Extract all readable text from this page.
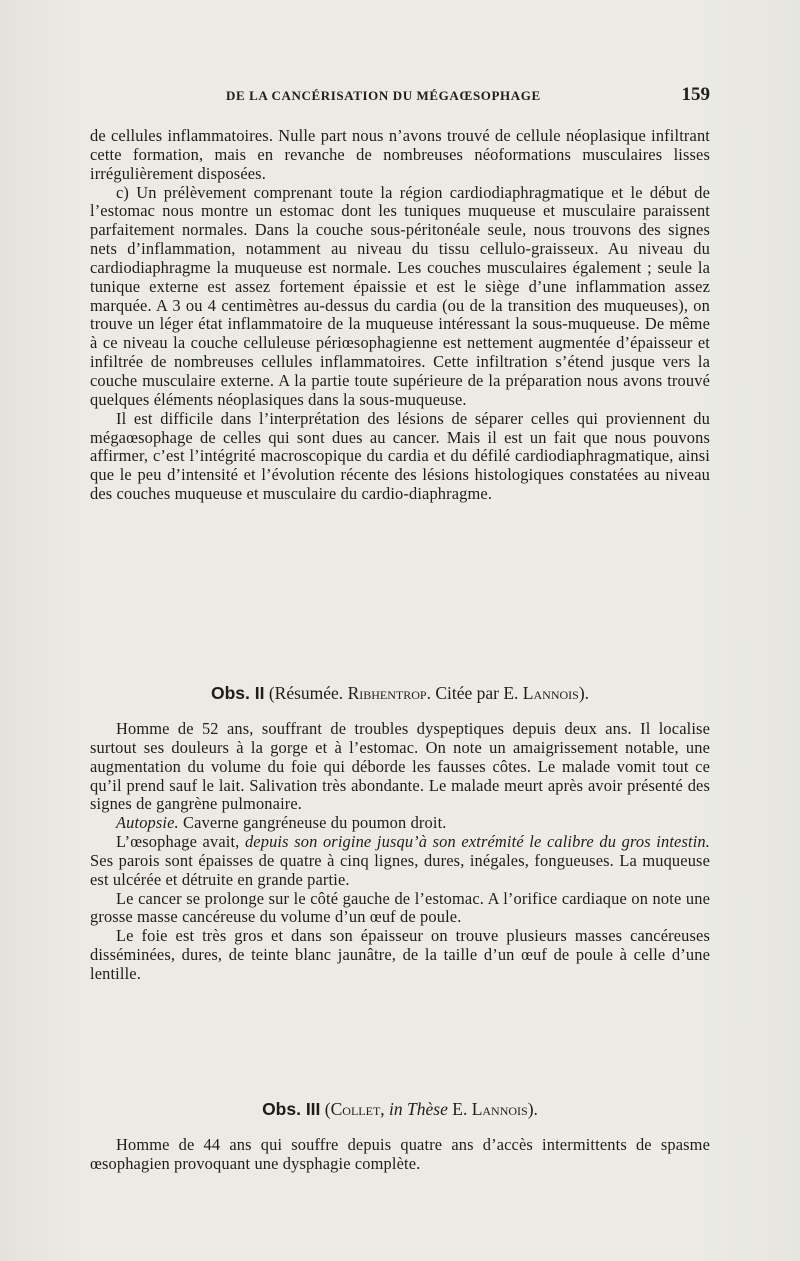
DE LA CANCÉRISATION DU MÉGAŒSOPHAGE	159

de cellules inflammatoires. Nulle part nous n’avons trouvé de cellule néoplasique infiltrant cette formation, mais en revanche de nombreuses néoformations musculaires lisses irrégulièrement disposées.

c) Un prélèvement comprenant toute la région cardiodiaphragmatique et le début de l’estomac nous montre un estomac dont les tuniques muqueuse et musculaire paraissent parfaitement normales. Dans la couche sous-péritonéale seule, nous trouvons des signes nets d’inflammation, notamment au niveau du tissu cellulo-graisseux. Au niveau du cardiodiaphragme la muqueuse est normale. Les couches musculaires également ; seule la tunique externe est assez fortement épaissie et est le siège d’une inflammation assez marquée. A 3 ou 4 centimètres au-dessus du cardia (ou de la transition des muqueuses), on trouve un léger état inflammatoire de la muqueuse intéressant la sous-muqueuse. De même à ce niveau la couche celluleuse périœsophagienne est nettement augmentée d’épaisseur et infiltrée de nombreuses cellules inflammatoires. Cette infiltration s’étend jusque vers la couche musculaire externe. A la partie toute supérieure de la préparation nous avons trouvé quelques éléments néoplasiques dans la sous-muqueuse.

Il est difficile dans l’interprétation des lésions de séparer celles qui proviennent du mégaœsophage de celles qui sont dues au cancer. Mais il est un fait que nous pouvons affirmer, c’est l’intégrité macroscopique du cardia et du défilé cardiodiaphragmatique, ainsi que le peu d’intensité et l’évolution récente des lésions histologiques constatées au niveau des couches muqueuse et musculaire du cardio-diaphragme.

Obs. II (Résumée. Ribhentrop. Citée par E. Lannois).

Homme de 52 ans, souffrant de troubles dyspeptiques depuis deux ans. Il localise surtout ses douleurs à la gorge et à l’estomac. On note un amaigrissement notable, une augmentation du volume du foie qui déborde les fausses côtes. Le malade vomit tout ce qu’il prend sauf le lait. Salivation très abondante. Le malade meurt après avoir présenté des signes de gangrène pulmonaire.

Autopsie. Caverne gangréneuse du poumon droit.

L’œsophage avait, depuis son origine jusqu’à son extrémité le calibre du gros intestin. Ses parois sont épaisses de quatre à cinq lignes, dures, inégales, fongueuses. La muqueuse est ulcérée et détruite en grande partie.

Le cancer se prolonge sur le côté gauche de l’estomac. A l’orifice cardiaque on note une grosse masse cancéreuse du volume d’un œuf de poule.

Le foie est très gros et dans son épaisseur on trouve plusieurs masses cancéreuses disséminées, dures, de teinte blanc jaunâtre, de la taille d’un œuf de poule à celle d’une lentille.

Obs. III (Collet, in Thèse E. Lannois).

Homme de 44 ans qui souffre depuis quatre ans d’accès intermittents de spasme œsophagien provoquant une dysphagie complète.
